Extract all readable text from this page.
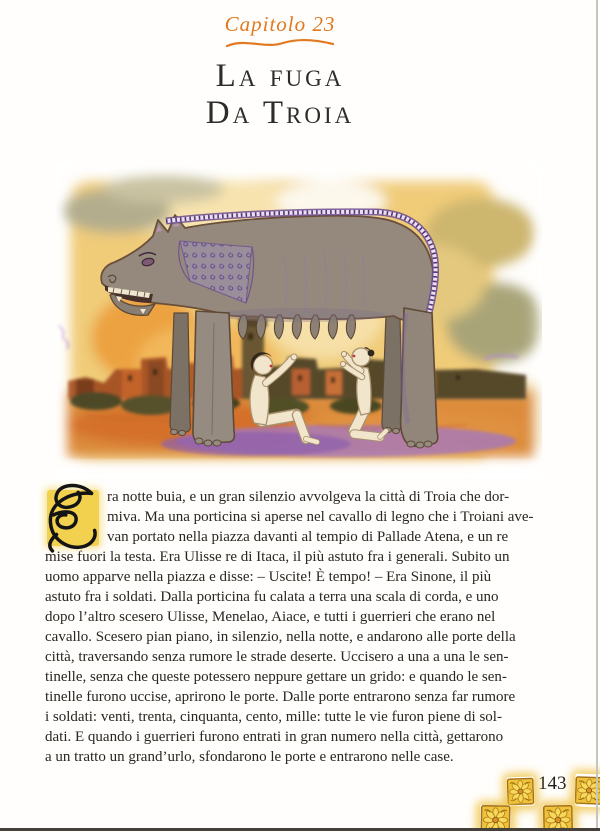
Capitolo 23
La fuga
Da Troia
ra notte buia, e un gran silenzio avvolgeva la città di Troia che dor-
miva. Ma una porticina si aperse nel cavallo di legno che i Troiani ave-
van portato nella piazza davanti al tempio di Pallade Atena, e un re
mise fuori la testa. Era Ulisse re di Itaca, il più astuto fra i generali. Subito un
uomo apparve nella piazza e disse: – Uscite! È tempo! – Era Sinone, il più
astuto fra i soldati. Dalla porticina fu calata a terra una scala di corda, e uno
dopo l’altro scesero Ulisse, Menelao, Aiace, e tutti i guerrieri che erano nel
cavallo. Scesero pian piano, in silenzio, nella notte, e andarono alle porte della
città, traversando senza rumore le strade deserte. Uccisero a una a una le sen-
tinelle, senza che queste potessero neppure gettare un grido: e quando le sen-
tinelle furono uccise, aprirono le porte. Dalle porte entrarono senza far rumore
i soldati: venti, trenta, cinquanta, cento, mille: tutte le vie furon piene di sol-
dati. E quando i guerrieri furono entrati in gran numero nella città, gettarono
a un tratto un grand’urlo, sfondarono le porte e entrarono nelle case.
143
